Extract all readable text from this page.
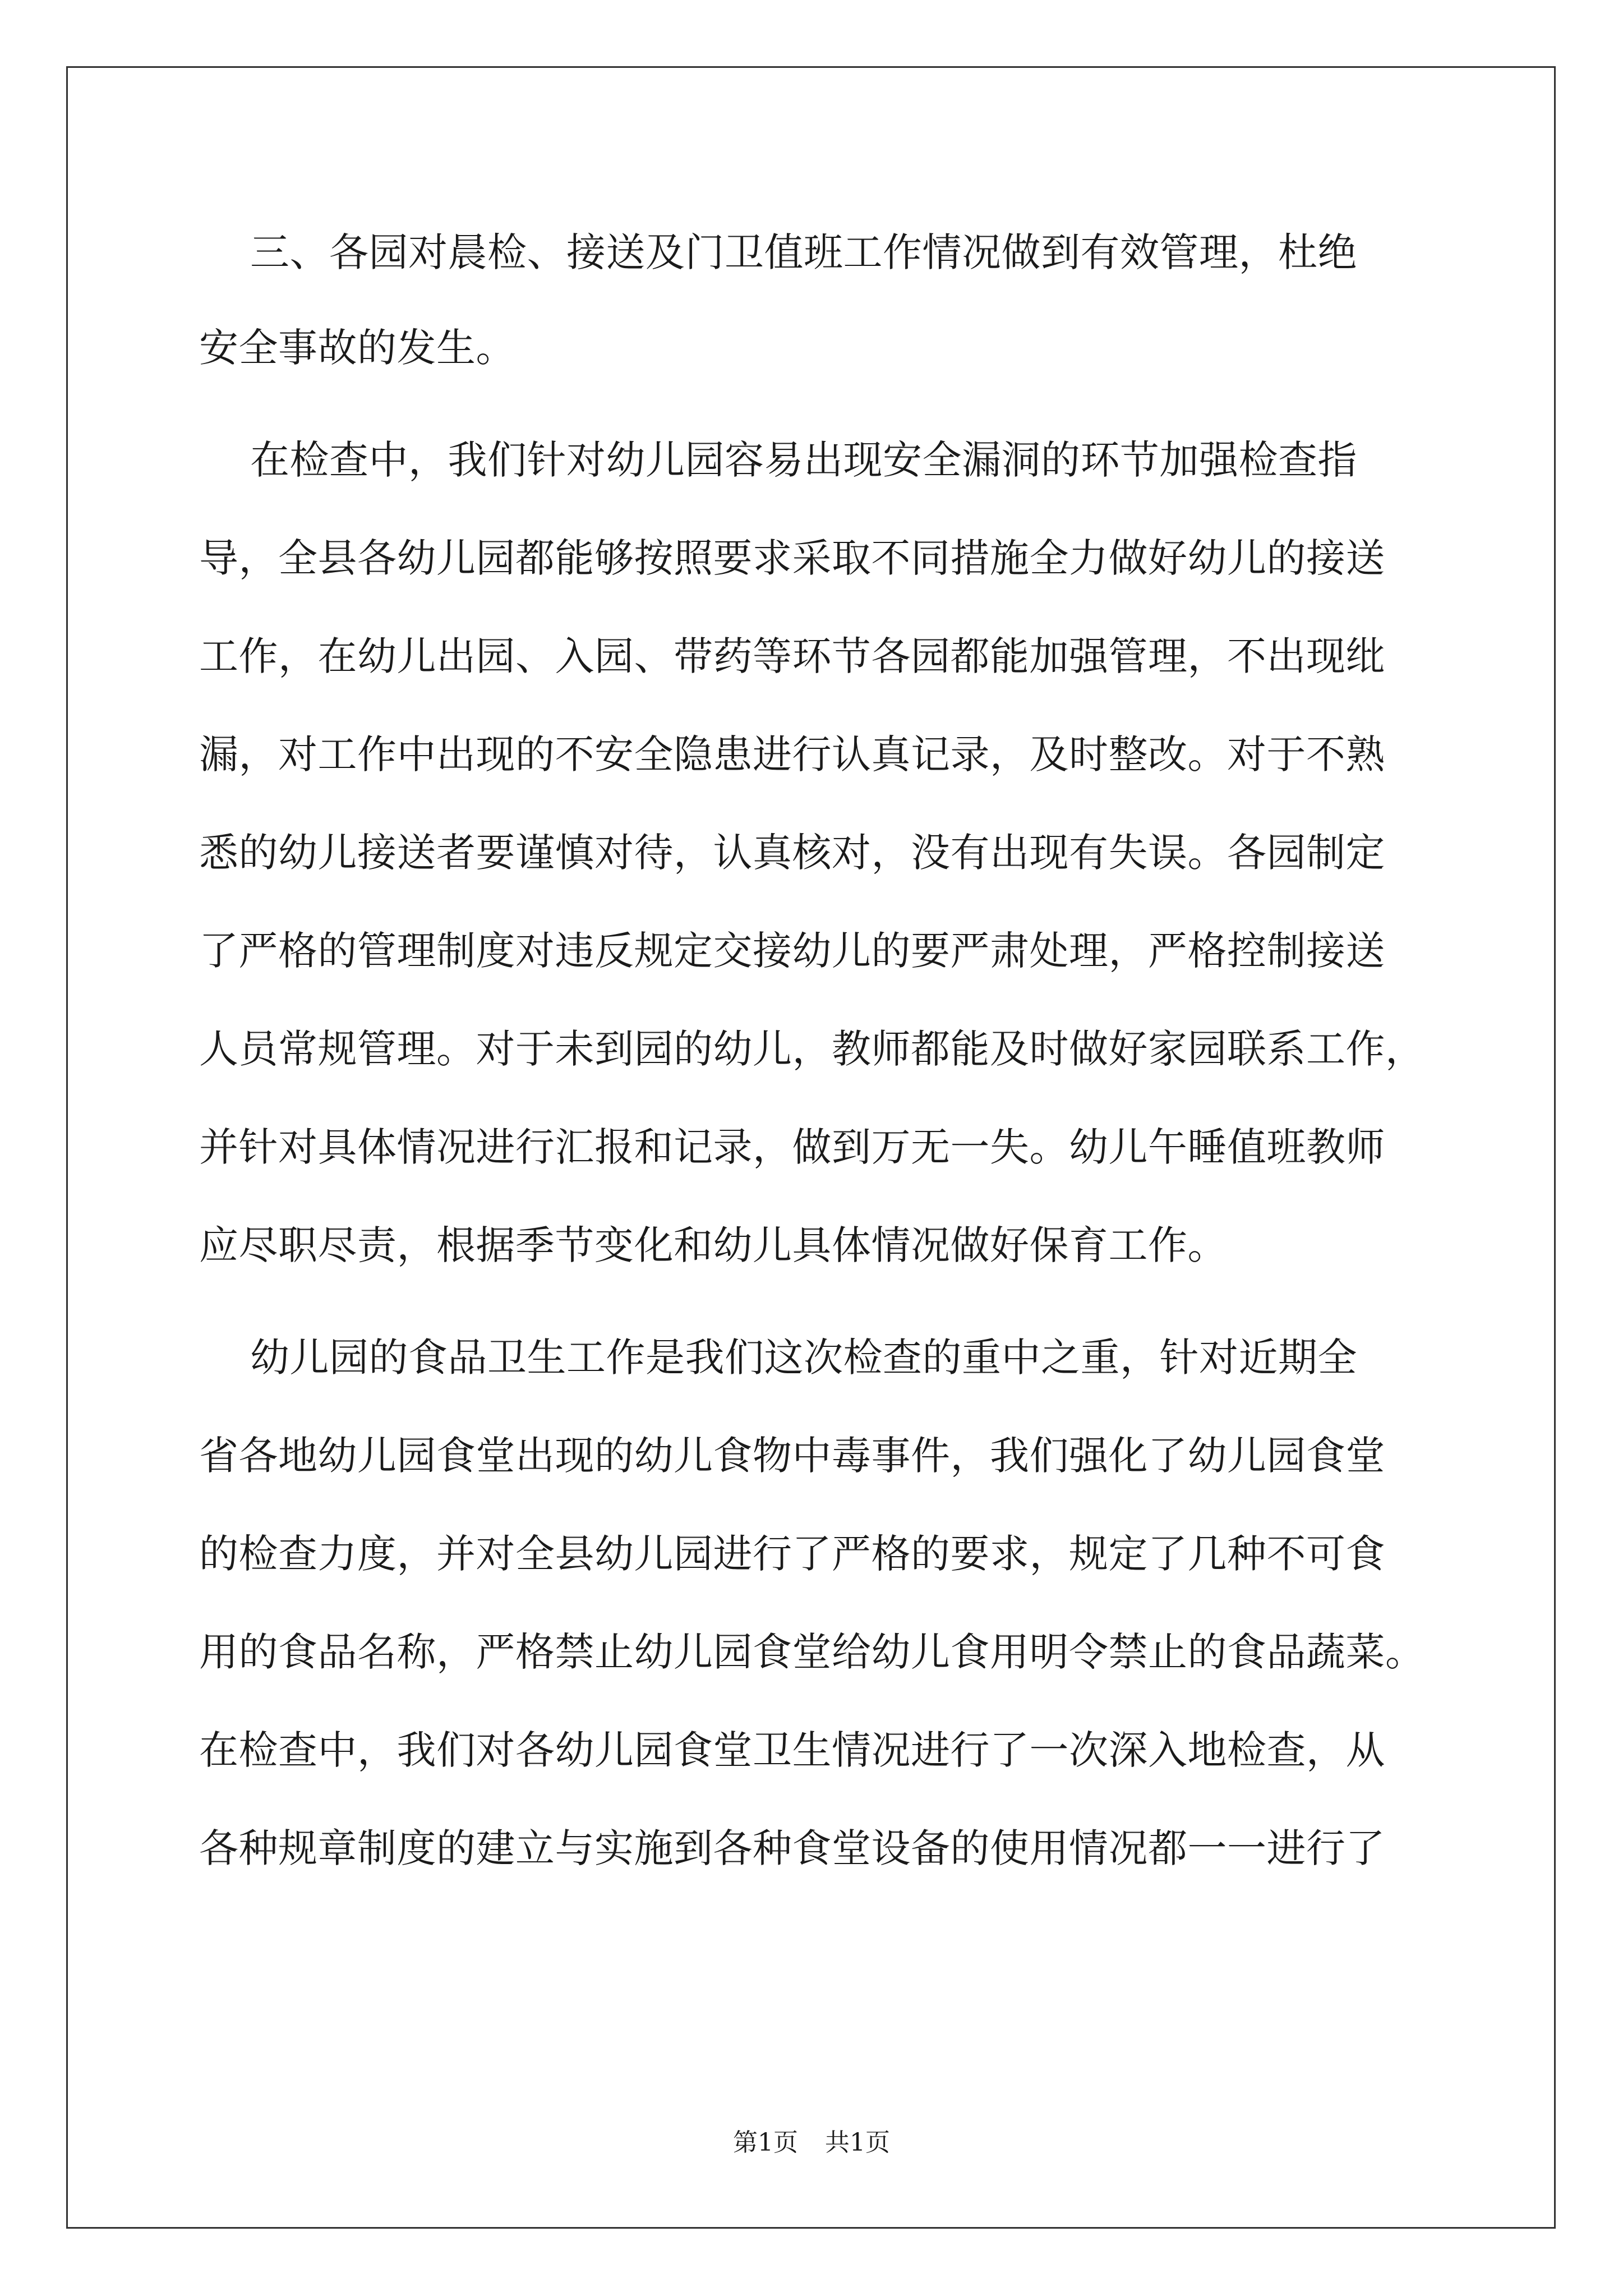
三、各园对晨检、接送及门卫值班工作情况做到有效管理，杜绝
安全事故的发生。
在检查中，我们针对幼儿园容易出现安全漏洞的环节加强检查指
导，全县各幼儿园都能够按照要求采取不同措施全力做好幼儿的接送
工作，在幼儿出园、入园、带药等环节各园都能加强管理，不出现纰
漏，对工作中出现的不安全隐患进行认真记录，及时整改。对于不熟
悉的幼儿接送者要谨慎对待，认真核对，没有出现有失误。各园制定
了严格的管理制度对违反规定交接幼儿的要严肃处理，严格控制接送
人员常规管理。对于未到园的幼儿，教师都能及时做好家园联系工作，
并针对具体情况进行汇报和记录，做到万无一失。幼儿午睡值班教师
应尽职尽责，根据季节变化和幼儿具体情况做好保育工作。
幼儿园的食品卫生工作是我们这次检查的重中之重，针对近期全
省各地幼儿园食堂出现的幼儿食物中毒事件，我们强化了幼儿园食堂
的检查力度，并对全县幼儿园进行了严格的要求，规定了几种不可食
用的食品名称，严格禁止幼儿园食堂给幼儿食用明令禁止的食品蔬菜。
在检查中，我们对各幼儿园食堂卫生情况进行了一次深入地检查，从
各种规章制度的建立与实施到各种食堂设备的使用情况都一一进行了
第1页 共1页
